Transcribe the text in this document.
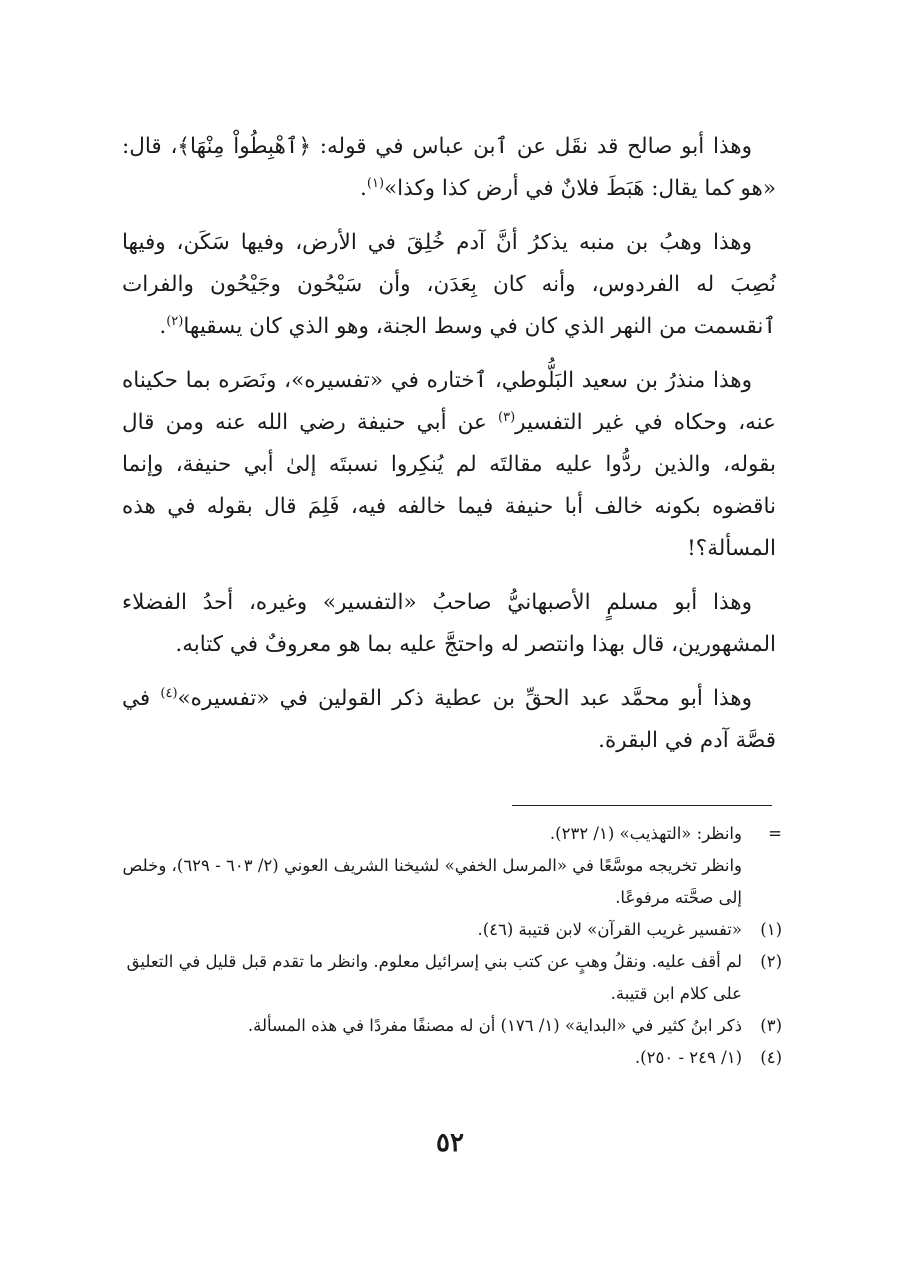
وهذا أبو صالح قد نقَل عن ٱبن عباس في قوله: ﴿ٱهْبِطُواْ مِنْهَا﴾، قال: «هو كما يقال: هَبَطَ فلانٌ في أرض كذا وكذا»$^{(١)}$.

وهذا وهبُ بن منبه يذكرُ أنَّ آدم خُلِقَ في الأرض، وفيها سَكَن، وفيها نُصِبَ له الفردوس، وأنه كان بِعَدَن، وأن سَيْحُون وجَيْحُون والفرات ٱنقسمت من النهر الذي كان في وسط الجنة، وهو الذي كان يسقيها$^{(٢)}$.

وهذا منذرُ بن سعيد البَلُّوطي، ٱختاره في «تفسيره»، ونَصَره بما حكيناه عنه، وحكاه في غير التفسير$^{(٣)}$ عن أبي حنيفة رضي الله عنه ومن قال بقوله، والذين ردُّوا عليه مقالتَه لم يُنكِروا نسبتَه إلىٰ أبي حنيفة، وإنما ناقضوه بكونه خالف أبا حنيفة فيما خالفه فيه، فَلِمَ قال بقوله في هذه المسألة؟!

وهذا أبو مسلمٍ الأصبهانيُّ صاحبُ «التفسير» وغيره، أحدُ الفضلاء المشهورين، قال بهذا وانتصر له واحتجَّ عليه بما هو معروفٌ في كتابه.

وهذا أبو محمَّد عبد الحقِّ بن عطية ذكر القولين في «تفسيره»$^{(٤)}$ في قصَّة آدم في البقرة.

=
وانظر: «التهذيب» (١/ ٢٣٢).
وانظر تخريجه موسَّعًا في «المرسل الخفي» لشيخنا الشريف العوني (٢/ ٦٠٣ - ٦٢٩)، وخلص إلى صحَّته مرفوعًا.
(١)
«تفسير غريب القرآن» لابن قتيبة (٤٦).
(٢)
لم أقف عليه. ونقلُ وهبٍ عن كتب بني إسرائيل معلوم. وانظر ما تقدم قبل قليل في التعليق على كلام ابن قتيبة.
(٣)
ذكر ابنُ كثير في «البداية» (١/ ١٧٦) أن له مصنفًا مفردًا في هذه المسألة.
(٤)
(١/ ٢٤٩ - ٢٥٠).
٥٢
